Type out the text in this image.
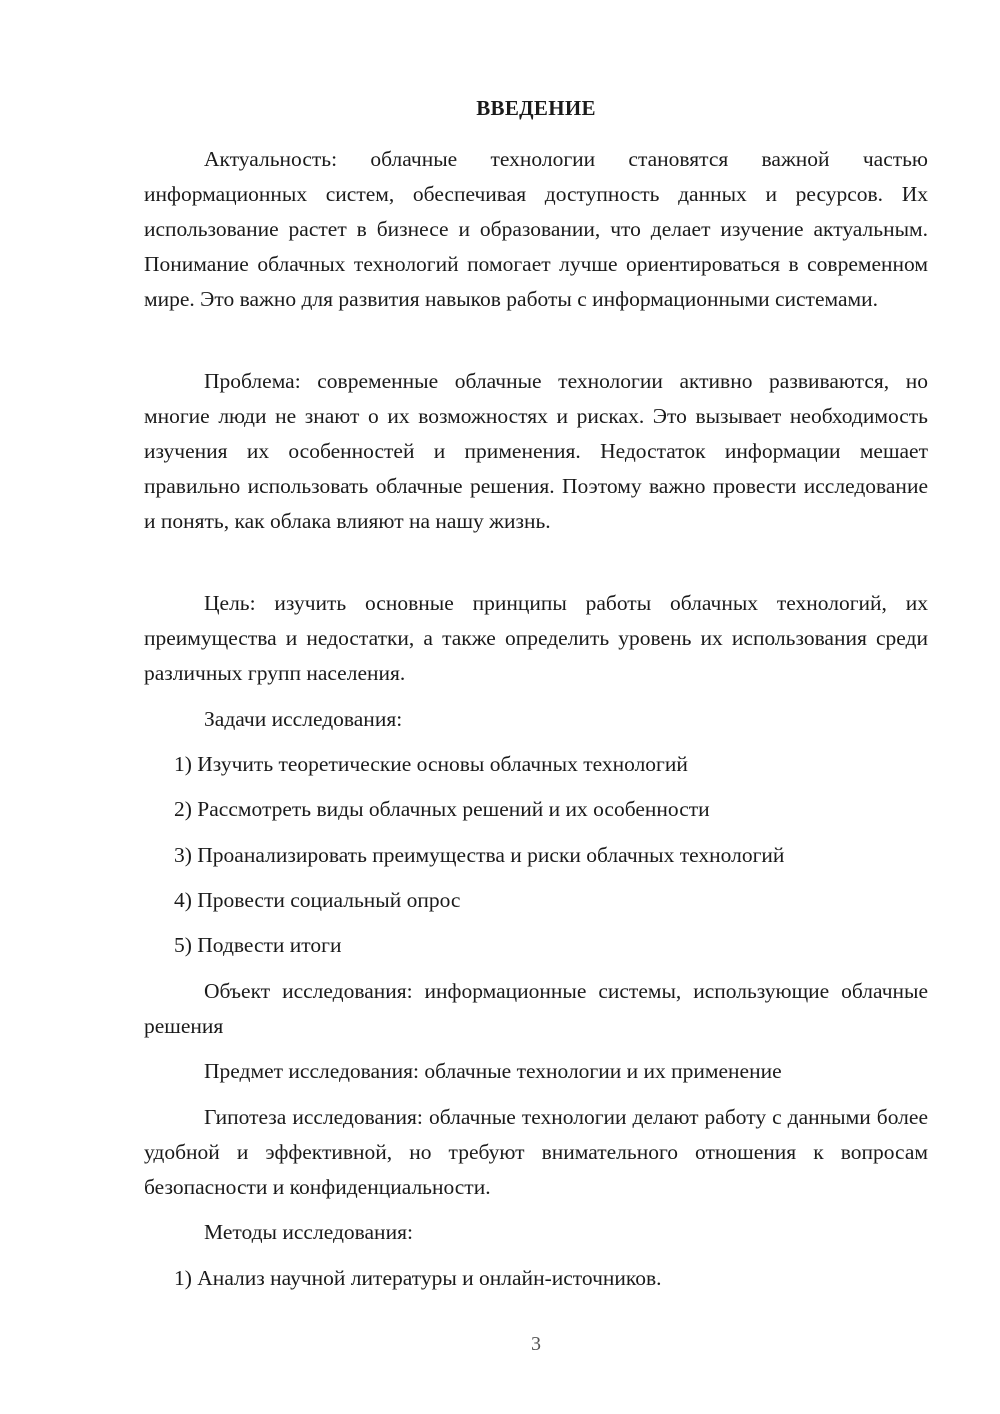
ВВЕДЕНИЕ

Актуальность: облачные технологии становятся важной частью информационных систем, обеспечивая доступность данных и ресурсов. Их использование растет в бизнесе и образовании, что делает изучение актуальным. Понимание облачных технологий помогает лучше ориентироваться в современном мире. Это важно для развития навыков работы с информационными системами.

Проблема: современные облачные технологии активно развиваются, но многие люди не знают о их возможностях и рисках. Это вызывает необходимость изучения их особенностей и применения. Недостаток информации мешает правильно использовать облачные решения. Поэтому важно провести исследование и понять, как облака влияют на нашу жизнь.

Цель: изучить основные принципы работы облачных технологий, их преимущества и недостатки, а также определить уровень их использования среди различных групп населения.

Задачи исследования:
1) Изучить теоретические основы облачных технологий
2) Рассмотреть виды облачных решений и их особенности
3) Проанализировать преимущества и риски облачных технологий
4) Провести социальный опрос
5) Подвести итоги

Объект исследования: информационные системы, использующие облачные решения

Предмет исследования: облачные технологии и их применение

Гипотеза исследования: облачные технологии делают работу с данными более удобной и эффективной, но требуют внимательного отношения к вопросам безопасности и конфиденциальности.

Методы исследования:
1) Анализ научной литературы и онлайн-источников.
3
